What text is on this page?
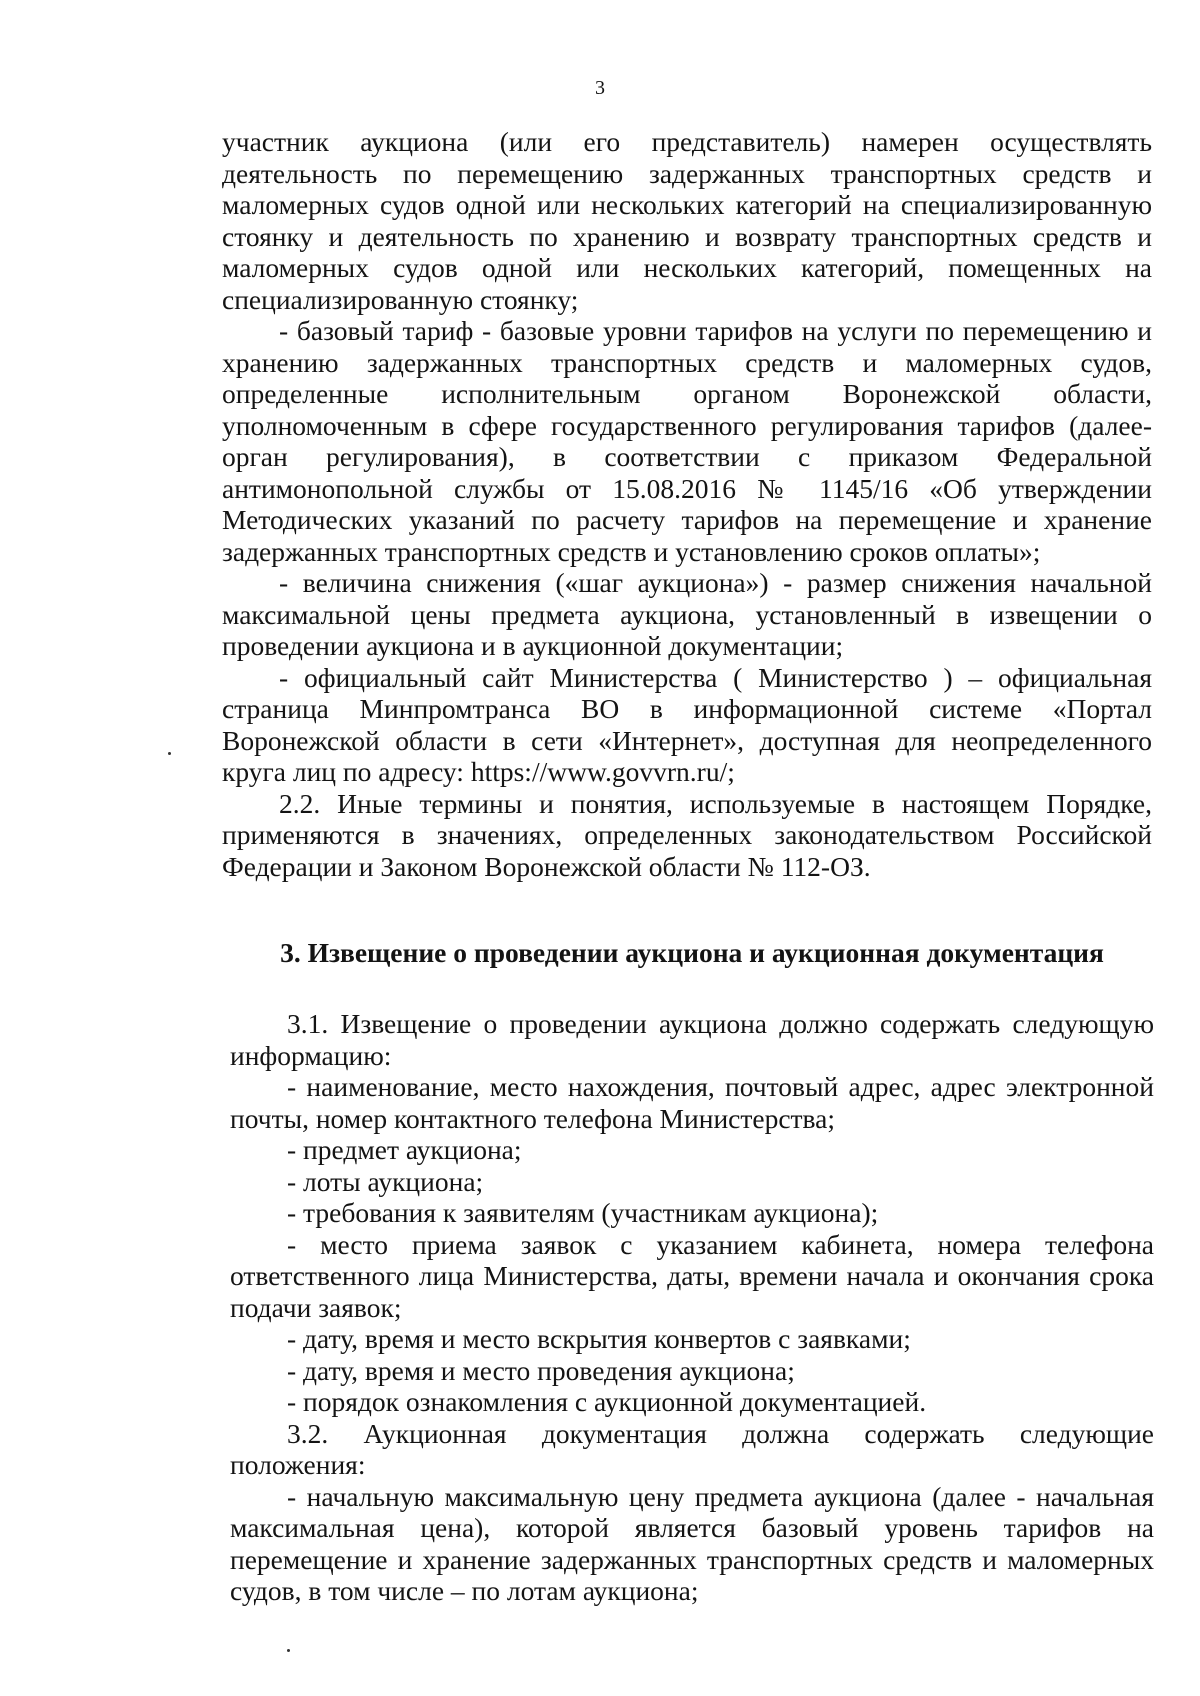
3

участник аукциона (или его представитель) намерен осуществлять деятельность по перемещению задержанных транспортных средств и маломерных судов одной или нескольких категорий на специализированную стоянку и деятельность по хранению и возврату транспортных средств и маломерных судов одной или нескольких категорий, помещенных на специализированную стоянку;

- базовый тариф - базовые уровни тарифов на услуги по перемещению и хранению задержанных транспортных средств и маломерных судов, определенные исполнительным органом Воронежской области, уполномоченным в сфере государственного регулирования тарифов (далее- орган регулирования), в соответствии с приказом Федеральной антимонопольной службы от 15.08.2016 № 1145/16 «Об утверждении Методических указаний по расчету тарифов на перемещение и хранение задержанных транспортных средств и установлению сроков оплаты»;

- величина снижения («шаг аукциона») - размер снижения начальной максимальной цены предмета аукциона, установленный в извещении о проведении аукциона и в аукционной документации;

- официальный сайт Министерства ( Министерство ) – официальная страница Минпромтранса ВО в информационной системе «Портал Воронежской области в сети «Интернет», доступная для неопределенного круга лиц по адресу: https://www.govvrn.ru/;

2.2. Иные термины и понятия, используемые в настоящем Порядке, применяются в значениях, определенных законодательством Российской Федерации и Законом Воронежской области № 112-ОЗ.

3. Извещение о проведении аукциона и аукционная документация

3.1. Извещение о проведении аукциона должно содержать следующую информацию:

- наименование, место нахождения, почтовый адрес, адрес электронной почты, номер контактного телефона Министерства;

- предмет аукциона;

- лоты аукциона;

- требования к заявителям (участникам аукциона);

- место приема заявок с указанием кабинета, номера телефона ответственного лица Министерства, даты, времени начала и окончания срока подачи заявок;

- дату, время и место вскрытия конвертов с заявками;

- дату, время и место проведения аукциона;

- порядок ознакомления с аукционной документацией.

3.2. Аукционная документация должна содержать следующие положения:

- начальную максимальную цену предмета аукциона (далее - начальная максимальная цена), которой является базовый уровень тарифов на перемещение и хранение задержанных транспортных средств и маломерных судов, в том числе – по лотам аукциона;
